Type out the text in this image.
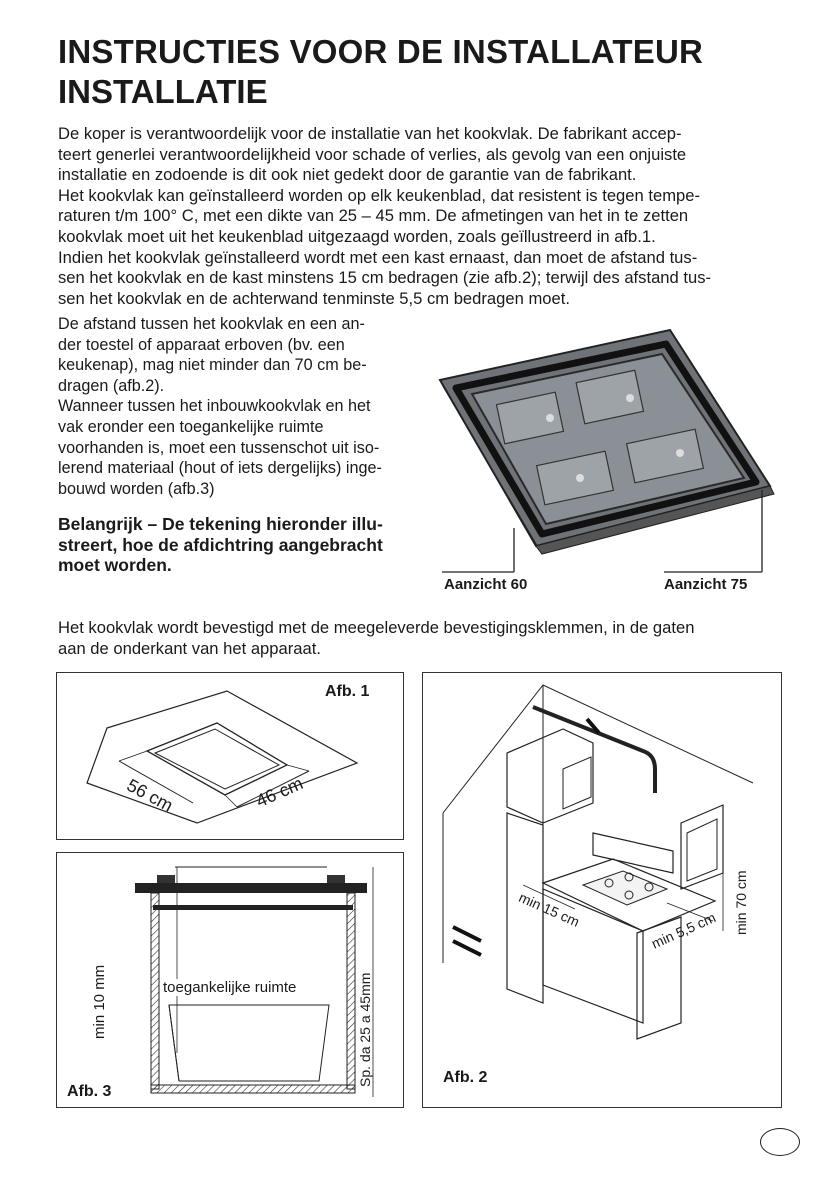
INSTRUCTIES VOOR DE INSTALLATEUR
INSTALLATIE
De koper is verantwoordelijk voor de installatie van het kookvlak. De fabrikant accep-
teert generlei verantwoordelijkheid voor schade of verlies, als gevolg van een onjuiste
installatie en zodoende is dit ook niet gedekt door de garantie van de fabrikant.
Het kookvlak kan geïnstalleerd worden op elk keukenblad, dat resistent is tegen tempe-
raturen t/m 100° C, met een dikte van 25 – 45 mm. De afmetingen van het in te zetten
kookvlak moet uit het keukenblad uitgezaagd worden, zoals geïllustreerd in afb.1.
Indien het kookvlak geïnstalleerd wordt met een kast ernaast, dan moet de afstand tus-
sen het kookvlak en de kast minstens 15 cm bedragen (zie afb.2); terwijl des afstand tus-
sen het kookvlak en de achterwand tenminste 5,5 cm bedragen moet.
De afstand tussen het kookvlak en een an-
der toestel of apparaat erboven (bv. een
keukenap), mag niet minder dan 70 cm be-
dragen (afb.2).
Wanneer tussen het inbouwkookvlak en het
vak eronder een toegankelijke ruimte
voorhanden is, moet een tussenschot uit iso-
lerend materiaal (hout of iets dergelijks) inge-
bouwd worden (afb.3)
Belangrijk – De tekening hieronder illu-
streert, hoe de afdichtring aangebracht
moet worden.
Aanzicht 60	Aanzicht 75
Het kookvlak wordt bevestigd met de meegeleverde bevestigingsklemmen, in de gaten
aan de onderkant van het apparaat.
56 cm	46 cm
Afb. 1
toegankelijke ruimte
min 10 mm	Sp. da 25 a 45mm
Afb. 3
min 15 cm	min 5,5 cm min 70 cm
Afb. 2
